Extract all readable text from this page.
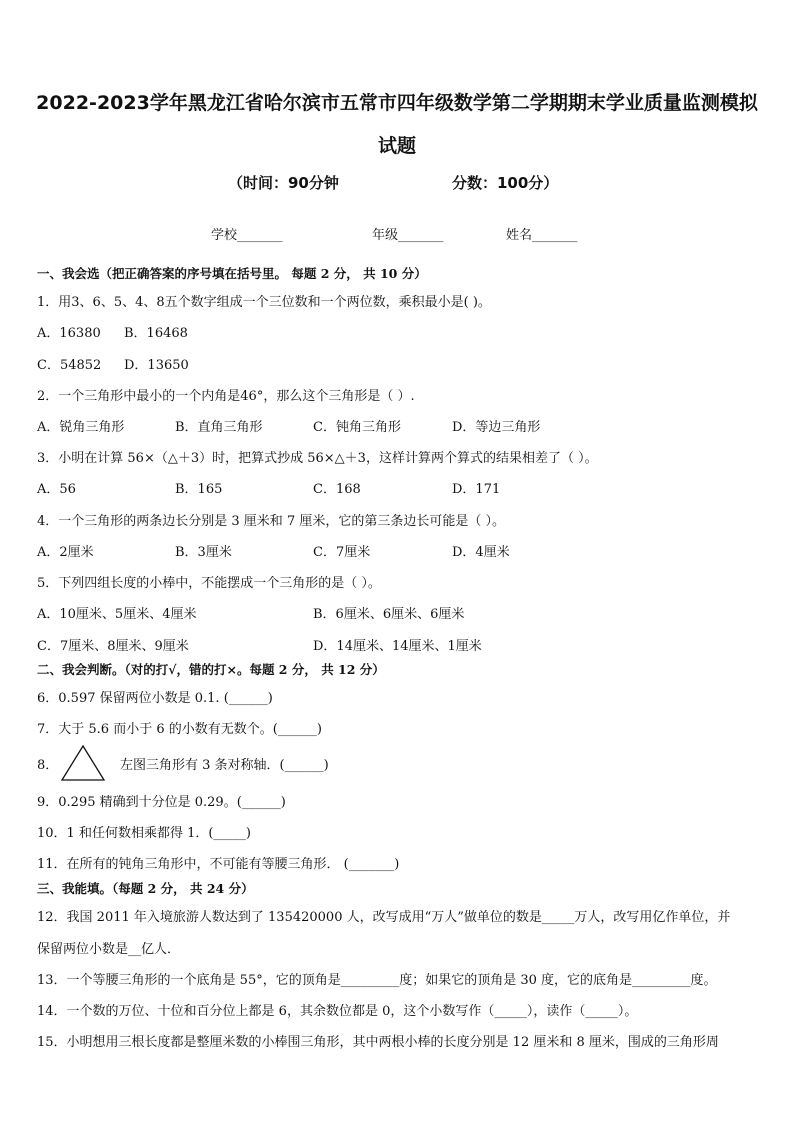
2022-2023学年黑龙江省哈尔滨市五常市四年级数学第二学期期末学业质量监测模拟
试题
（时间：90分钟	分数：100分）
学校_______	年级_______	姓名_______
一、我会选（把正确答案的序号填在括号里。 每题 2 分， 共 10 分）
1．用3、6、5、4、8五个数字组成一个三位数和一个两位数，乘积最小是( )。
A．16380 B．16468
C．54852 D．13650
2．一个三角形中最小的一个内角是46°，那么这个三角形是（ ）.
A．锐角三角形	B．直角三角形	C．钝角三角形	D．等边三角形
3．小明在计算 56×（△＋3）时，把算式抄成 56×△＋3，这样计算两个算式的结果相差了（ ）。
A．56	B．165	C．168	D．171
4．一个三角形的两条边长分别是 3 厘米和 7 厘米，它的第三条边长可能是（ ）。
A．2厘米	B．3厘米	C．7厘米	D．4厘米
5．下列四组长度的小棒中，不能摆成一个三角形的是（ ）。
A．10厘米、5厘米、4厘米	B．6厘米、6厘米、6厘米
C．7厘米、8厘米、9厘米	D．14厘米、14厘米、1厘米
二、我会判断。（对的打√，错的打×。每题 2 分， 共 12 分）
6．0.597 保留两位小数是 0.1. (______)
7．大于 5.6 而小于 6 的小数有无数个。(______)
8．	左图三角形有 3 条对称轴．(______)
9．0.295 精确到十分位是 0.29。(______)
10．1 和任何数相乘都得 1．(_____)
11．在所有的钝角三角形中，不可能有等腰三角形． (_______)
三、我能填。（每题 2 分， 共 24 分）
12．我国 2011 年入境旅游人数达到了 135420000 人，改写成用“万人”做单位的数是_____万人，改写用亿作单位，并
保留两位小数是__亿人．
13．一个等腰三角形的一个底角是 55°，它的顶角是_________度；如果它的顶角是 30 度，它的底角是_________度。
14．一个数的万位、十位和百分位上都是 6，其余数位都是 0，这个小数写作（_____），读作（_____）。
15．小明想用三根长度都是整厘米数的小棒围三角形，其中两根小棒的长度分别是 12 厘米和 8 厘米，围成的三角形周
